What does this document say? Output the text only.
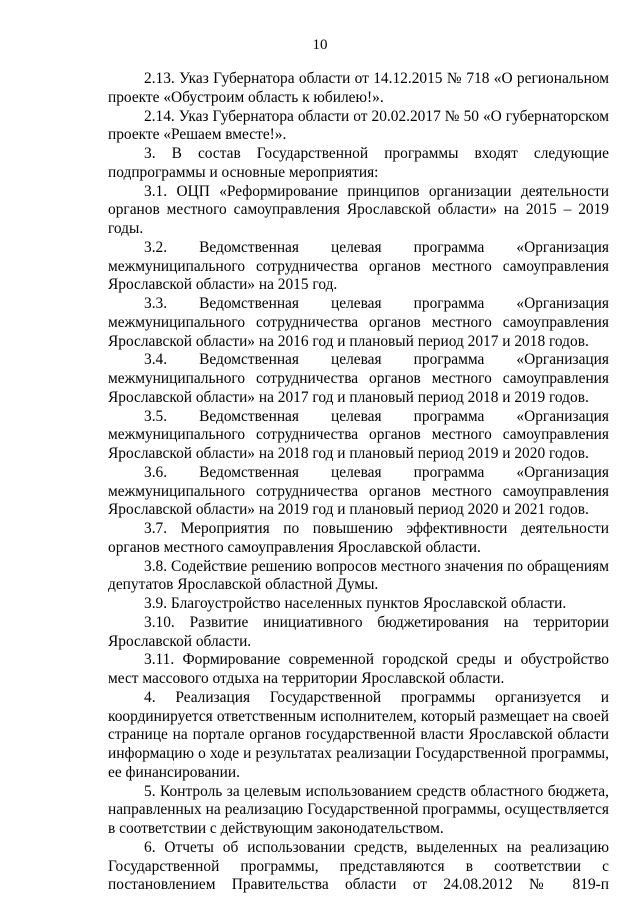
10

2.13. Указ Губернатора области от 14.12.2015 № 718 «О региональном проекте «Обустроим область к юбилею!».

2.14. Указ Губернатора области от 20.02.2017 № 50 «О губернаторском проекте «Решаем вместе!».

3. В состав Государственной программы входят следующие подпрограммы и основные мероприятия:

3.1. ОЦП «Реформирование принципов организации деятельности органов местного самоуправления Ярославской области» на 2015 – 2019 годы.

3.2. Ведомственная целевая программа «Организация межмуниципального сотрудничества органов местного самоуправления Ярославской области» на 2015 год.

3.3. Ведомственная целевая программа «Организация межмуниципального сотрудничества органов местного самоуправления Ярославской области» на 2016 год и плановый период 2017 и 2018 годов.

3.4. Ведомственная целевая программа «Организация межмуниципального сотрудничества органов местного самоуправления Ярославской области» на 2017 год и плановый период 2018 и 2019 годов.

3.5. Ведомственная целевая программа «Организация межмуниципального сотрудничества органов местного самоуправления Ярославской области» на 2018 год и плановый период 2019 и 2020 годов.

3.6. Ведомственная целевая программа «Организация межмуниципального сотрудничества органов местного самоуправления Ярославской области» на 2019 год и плановый период 2020 и 2021 годов.

3.7. Мероприятия по повышению эффективности деятельности органов местного самоуправления Ярославской области.

3.8. Содействие решению вопросов местного значения по обращениям депутатов Ярославской областной Думы.

3.9. Благоустройство населенных пунктов Ярославской области.

3.10. Развитие инициативного бюджетирования на территории Ярославской области.

3.11. Формирование современной городской среды и обустройство мест массового отдыха на территории Ярославской области.

4. Реализация Государственной программы организуется и координируется ответственным исполнителем, который размещает на своей странице на портале органов государственной власти Ярославской области информацию о ходе и результатах реализации Государственной программы, ее финансировании.

5. Контроль за целевым использованием средств областного бюджета, направленных на реализацию Государственной программы, осуществляется в соответствии с действующим законодательством.

6. Отчеты об использовании средств, выделенных на реализацию Государственной программы, представляются в соответствии с постановлением Правительства области от 24.08.2012 № 819-п
